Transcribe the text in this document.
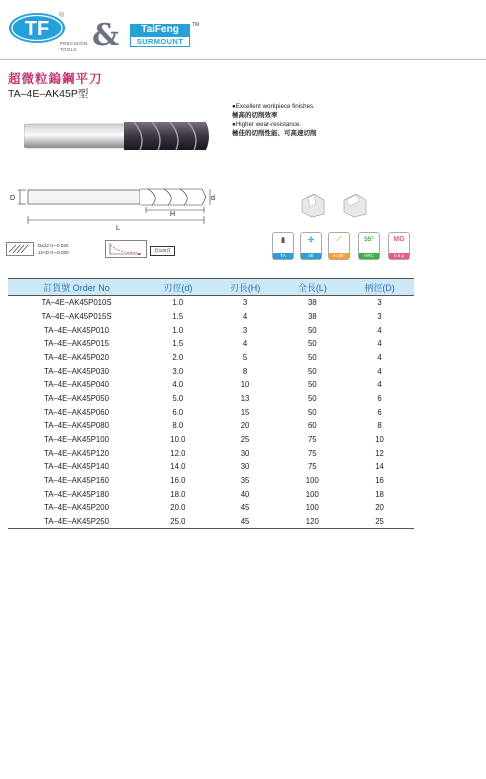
TF
®
PRECISION
TOOLS &	TaiFeng
SURMOUNT
TM
超微粒鎢鋼平刀
TA–4E–AK45P型
●Excellent workpiece finishes.
極高的切削效率
●Higher wear-resistance.
極佳的切削性能、可高速切削
D	d
H
L
▮
TA
✣
4E
⟋
A=45°
55°
HRC
MG
0.6 µ
D≤12 0~-0.020
12<D 0~-0.030	頁100頁
訂貨號 Order No	刃徑(d)	刃長(H)	全長(L)	柄徑(D)
TA–4E–AK45P010S	1.0	3	38	3
TA–4E–AK45P015S	1.5	4	38	3
TA–4E–AK45P010	1.0	3	50	4
TA–4E–AK45P015	1.5	4	50	4
TA–4E–AK45P020	2.0	5	50	4
TA–4E–AK45P030	3.0	8	50	4
TA–4E–AK45P040	4.0	10	50	4
TA–4E–AK45P050	5.0	13	50	6
TA–4E–AK45P060	6.0	15	50	6
TA–4E–AK45P080	8.0	20	60	8
TA–4E–AK45P100	10.0	25	75	10
TA–4E–AK45P120	12.0	30	75	12
TA–4E–AK45P140	14.0	30	75	14
TA–4E–AK45P160	16.0	35	100	16
TA–4E–AK45P180	18.0	40	100	18
TA–4E–AK45P200	20.0	45	100	20
TA–4E–AK45P250	25.0	45	120	25
